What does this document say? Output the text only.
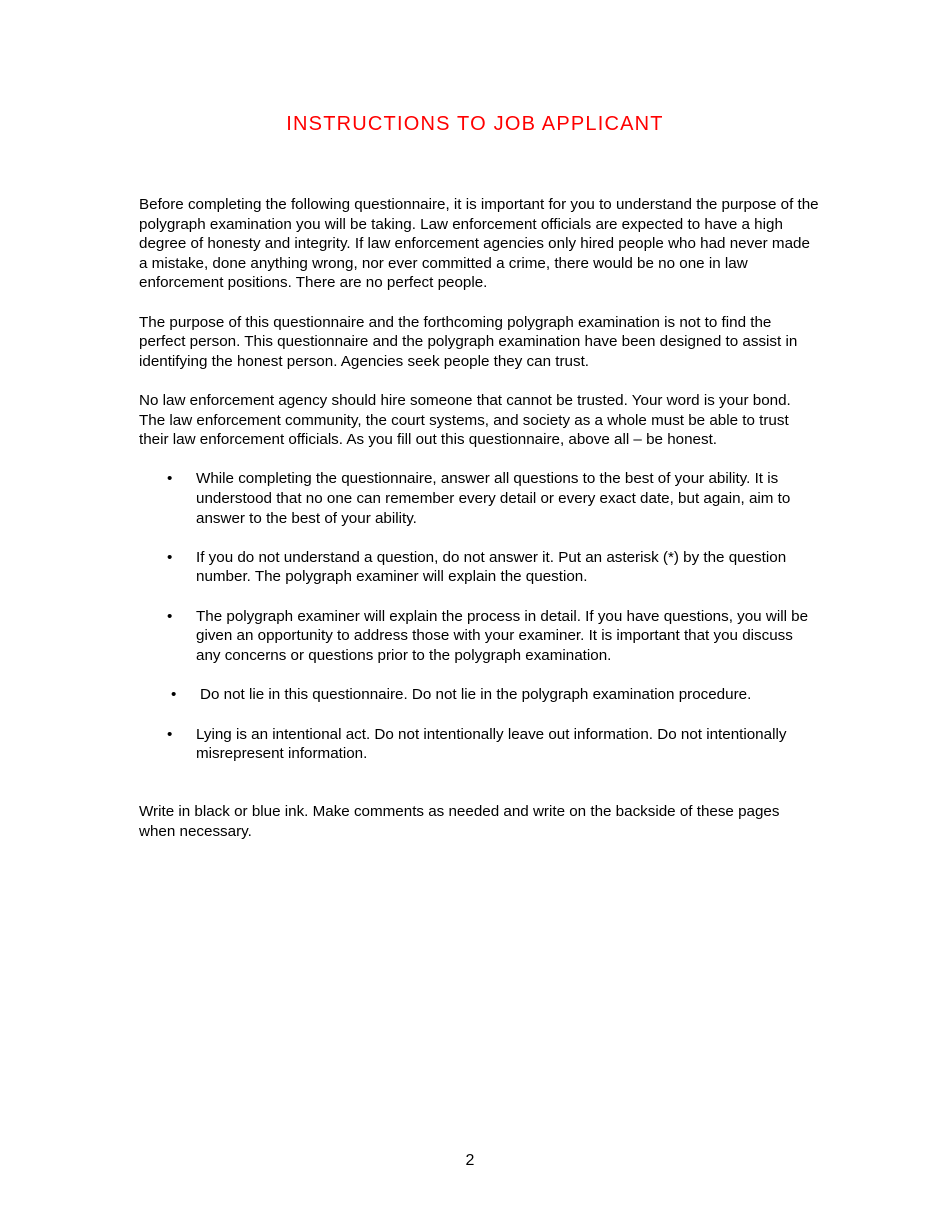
INSTRUCTIONS TO JOB APPLICANT

Before completing the following questionnaire, it is important for you to understand the purpose of the polygraph examination you will be taking. Law enforcement officials are expected to have a high degree of honesty and integrity. If law enforcement agencies only hired people who had never made a mistake, done anything wrong, nor ever committed a crime, there would be no one in law enforcement positions. There are no perfect people.

The purpose of this questionnaire and the forthcoming polygraph examination is not to find the perfect person. This questionnaire and the polygraph examination have been designed to assist in identifying the honest person. Agencies seek people they can trust.

No law enforcement agency should hire someone that cannot be trusted. Your word is your bond. The law enforcement community, the court systems, and society as a whole must be able to trust their law enforcement officials. As you fill out this questionnaire, above all – be honest.

• While completing the questionnaire, answer all questions to the best of your ability. It is understood that no one can remember every detail or every exact date, but again, aim to answer to the best of your ability.
• If you do not understand a question, do not answer it. Put an asterisk (*) by the question number. The polygraph examiner will explain the question.
• The polygraph examiner will explain the process in detail. If you have questions, you will be given an opportunity to address those with your examiner. It is important that you discuss any concerns or questions prior to the polygraph examination.
• Do not lie in this questionnaire. Do not lie in the polygraph examination procedure.
• Lying is an intentional act. Do not intentionally leave out information. Do not intentionally misrepresent information.

Write in black or blue ink. Make comments as needed and write on the backside of these pages when necessary.

2
